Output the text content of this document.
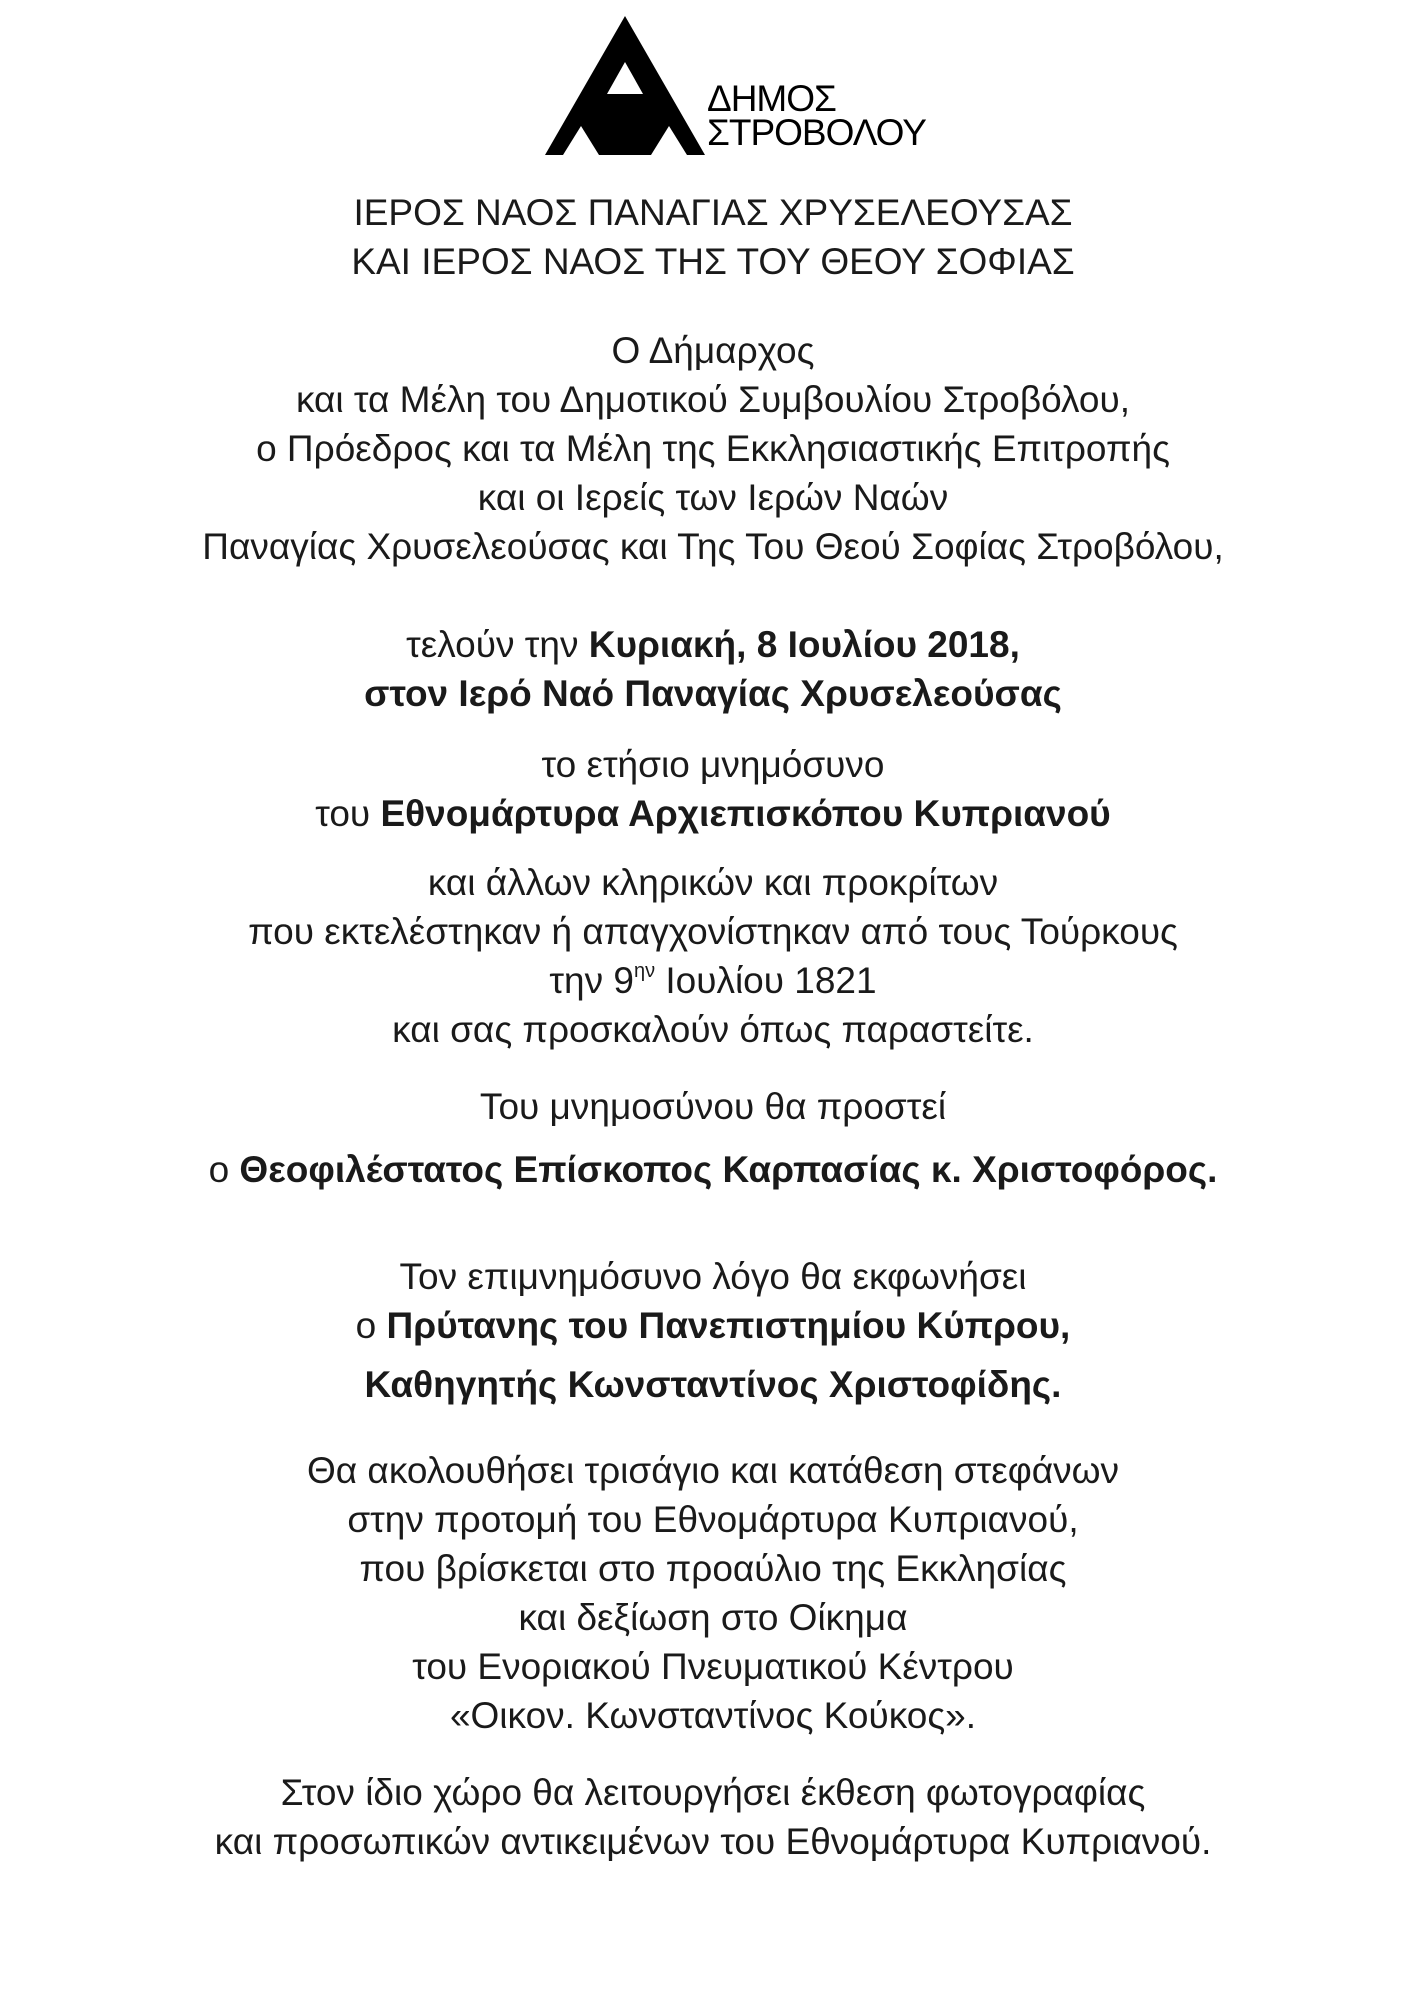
ΔΗΜΟΣ
ΣΤΡΟΒΟΛΟΥ
ΙΕΡΟΣ ΝΑΟΣ ΠΑΝΑΓΙΑΣ ΧΡΥΣΕΛΕΟΥΣΑΣ
ΚΑΙ ΙΕΡΟΣ ΝΑΟΣ ΤΗΣ ΤΟΥ ΘΕΟΥ ΣΟΦΙΑΣ
Ο Δήμαρχος
και τα Μέλη του Δημοτικού Συμβουλίου Στροβόλου,
ο Πρόεδρος και τα Μέλη της Εκκλησιαστικής Επιτροπής
και οι Ιερείς των Ιερών Ναών
Παναγίας Χρυσελεούσας και Της Του Θεού Σοφίας Στροβόλου,
τελούν την Κυριακή, 8 Ιουλίου 2018,
στον Ιερό Ναό Παναγίας Χρυσελεούσας
το ετήσιο μνημόσυνο
του Εθνομάρτυρα Αρχιεπισκόπου Κυπριανού
και άλλων κληρικών και προκρίτων
που εκτελέστηκαν ή απαγχονίστηκαν από τους Τούρκους
την $9^{\eta\nu}$ Ιουλίου 1821
και σας προσκαλούν όπως παραστείτε.
Του μνημοσύνου θα προστεί
ο Θεοφιλέστατος Επίσκοπος Καρπασίας κ. Χριστοφόρος.
Τον επιμνημόσυνο λόγο θα εκφωνήσει
ο Πρύτανης του Πανεπιστημίου Κύπρου,
Καθηγητής Κωνσταντίνος Χριστοφίδης.
Θα ακολουθήσει τρισάγιο και κατάθεση στεφάνων
στην προτομή του Εθνομάρτυρα Κυπριανού,
που βρίσκεται στο προαύλιο της Εκκλησίας
και δεξίωση στο Οίκημα
του Ενοριακού Πνευματικού Κέντρου
«Οικον. Κωνσταντίνος Κούκος».
Στον ίδιο χώρο θα λειτουργήσει έκθεση φωτογραφίας
και προσωπικών αντικειμένων του Εθνομάρτυρα Κυπριανού.
